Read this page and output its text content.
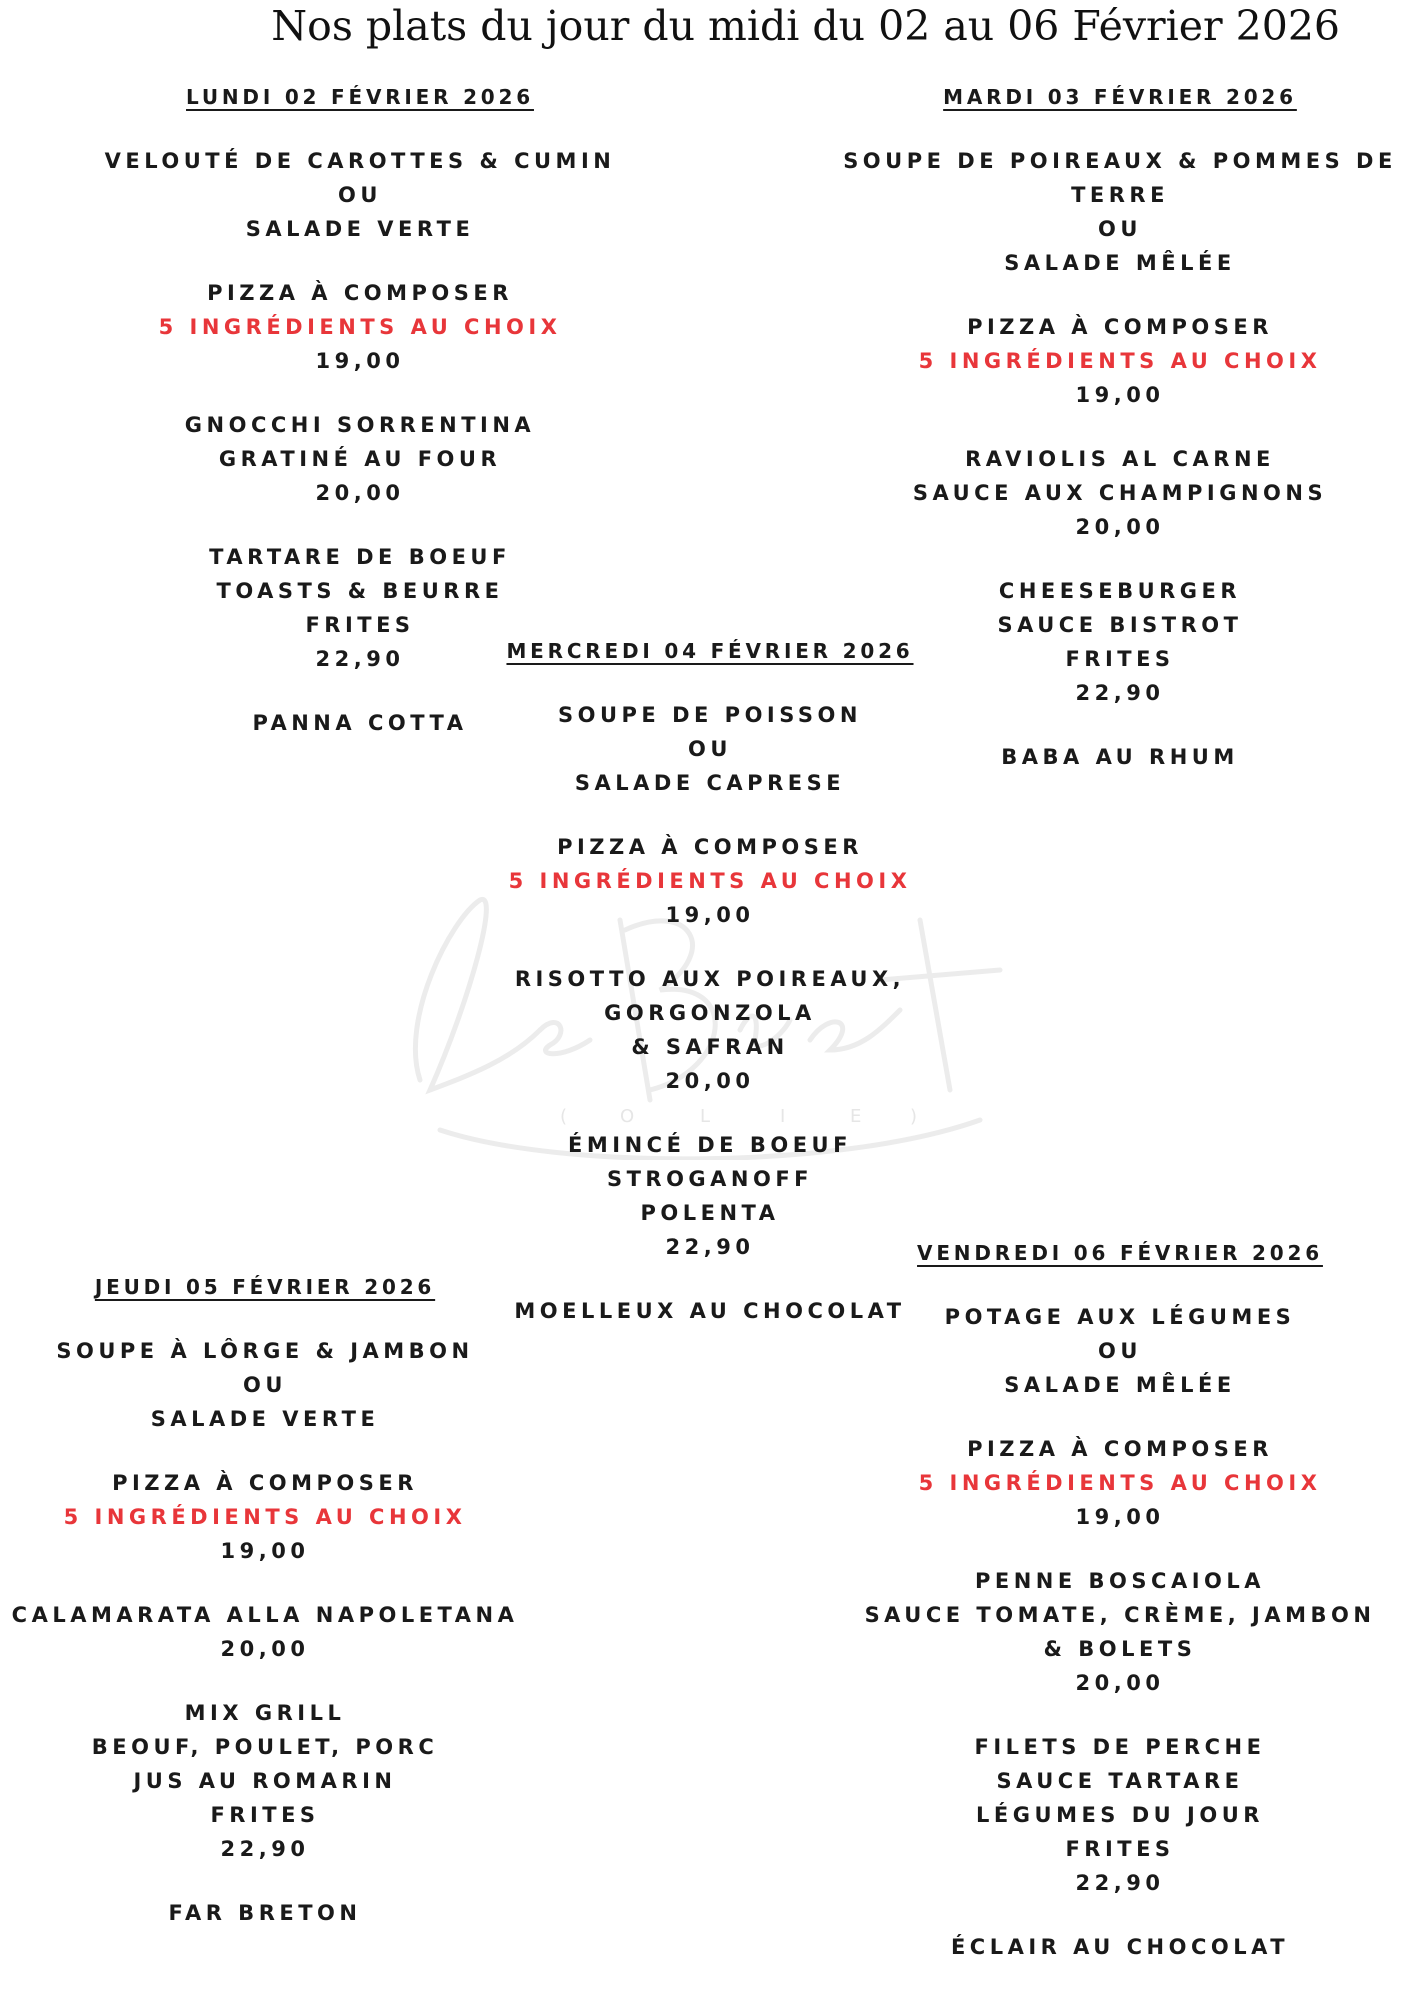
Nos plats du jour du midi du 02 au 06 Février 2026
(	O	L	I	E	)

LUNDI 02 FÉVRIER 2026

VELOUTÉ DE CAROTTES & CUMIN

OU

SALADE VERTE

PIZZA À COMPOSER

5 INGRÉDIENTS AU CHOIX

19,00

GNOCCHI SORRENTINA

GRATINÉ AU FOUR

20,00

TARTARE DE BOEUF

TOASTS & BEURRE

FRITES

22,90

PANNA COTTA

MARDI 03 FÉVRIER 2026

SOUPE DE POIREAUX & POMMES DE

TERRE

OU

SALADE MÊLÉE

PIZZA À COMPOSER

5 INGRÉDIENTS AU CHOIX

19,00

RAVIOLIS AL CARNE

SAUCE AUX CHAMPIGNONS

20,00

CHEESEBURGER

SAUCE BISTROT

FRITES

22,90

BABA AU RHUM

MERCREDI 04 FÉVRIER 2026

SOUPE DE POISSON

OU

SALADE CAPRESE

PIZZA À COMPOSER

5 INGRÉDIENTS AU CHOIX

19,00

RISOTTO AUX POIREAUX,

GORGONZOLA

& SAFRAN

20,00

ÉMINCÉ DE BOEUF

STROGANOFF

POLENTA

22,90

MOELLEUX AU CHOCOLAT

JEUDI 05 FÉVRIER 2026

SOUPE À LÔRGE & JAMBON

OU

SALADE VERTE

PIZZA À COMPOSER

5 INGRÉDIENTS AU CHOIX

19,00

CALAMARATA ALLA NAPOLETANA

20,00

MIX GRILL

BEOUF, POULET, PORC

JUS AU ROMARIN

FRITES

22,90

FAR BRETON

VENDREDI 06 FÉVRIER 2026

POTAGE AUX LÉGUMES

OU

SALADE MÊLÉE

PIZZA À COMPOSER

5 INGRÉDIENTS AU CHOIX

19,00

PENNE BOSCAIOLA

SAUCE TOMATE, CRÈME, JAMBON

& BOLETS

20,00

FILETS DE PERCHE

SAUCE TARTARE

LÉGUMES DU JOUR

FRITES

22,90

ÉCLAIR AU CHOCOLAT
